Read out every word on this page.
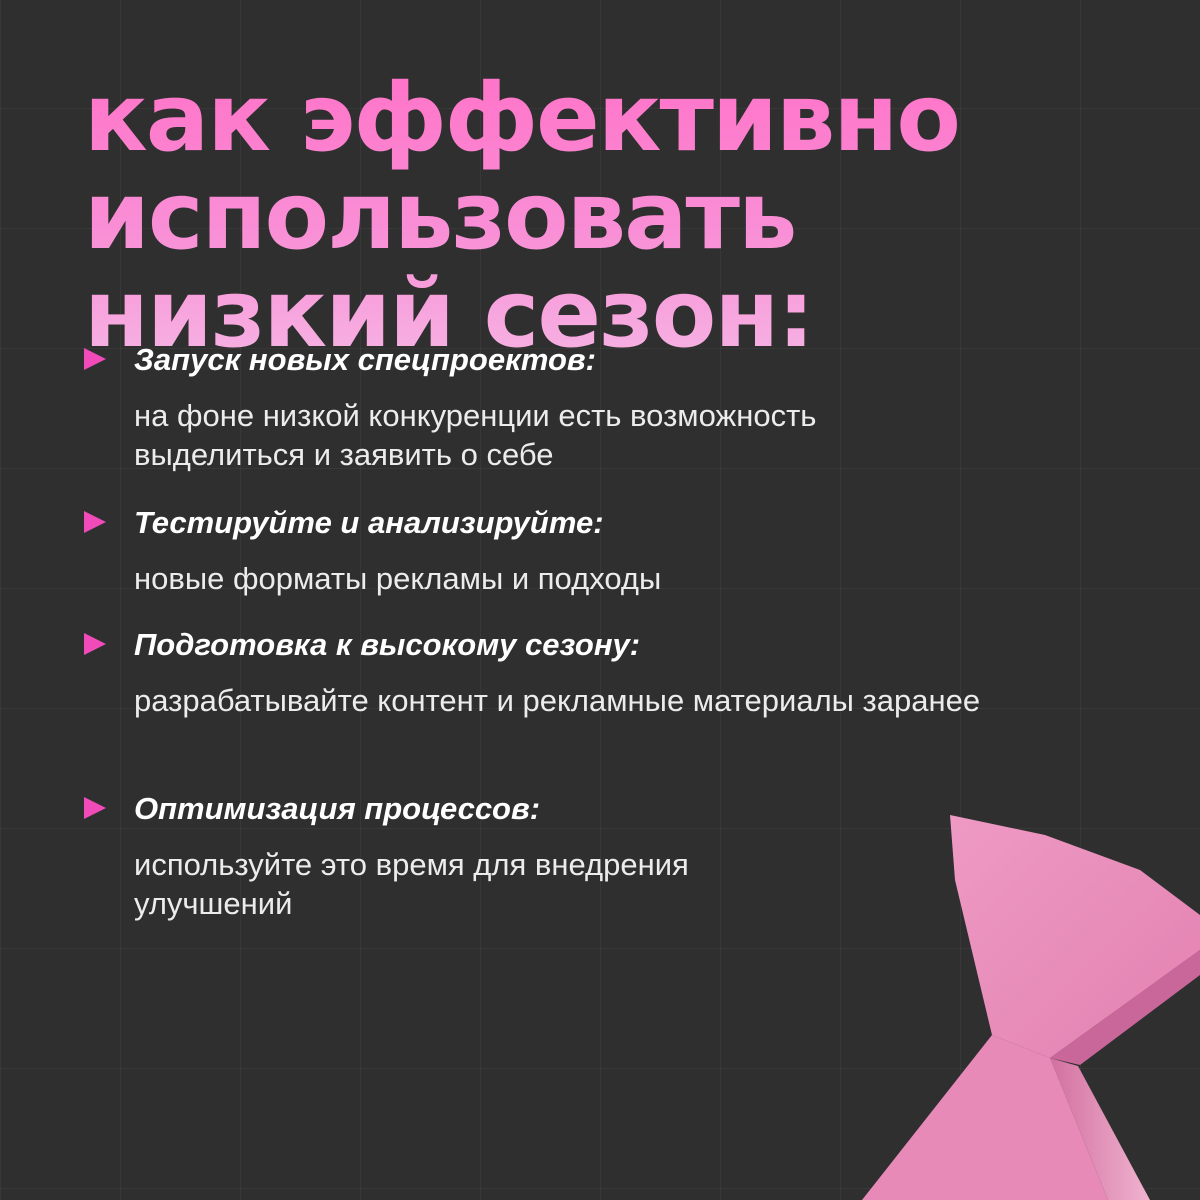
как эффективно
использовать
низкий сезон:
Запуск новых спецпроектов:
на фоне низкой конкуренции есть возможность выделиться и заявить о себе
Тестируйте и анализируйте:
новые форматы рекламы и подходы
Подготовка к высокому сезону:
разрабатывайте контент и рекламные материалы заранее
Оптимизация процессов:
используйте это время для внедрения улучшений
